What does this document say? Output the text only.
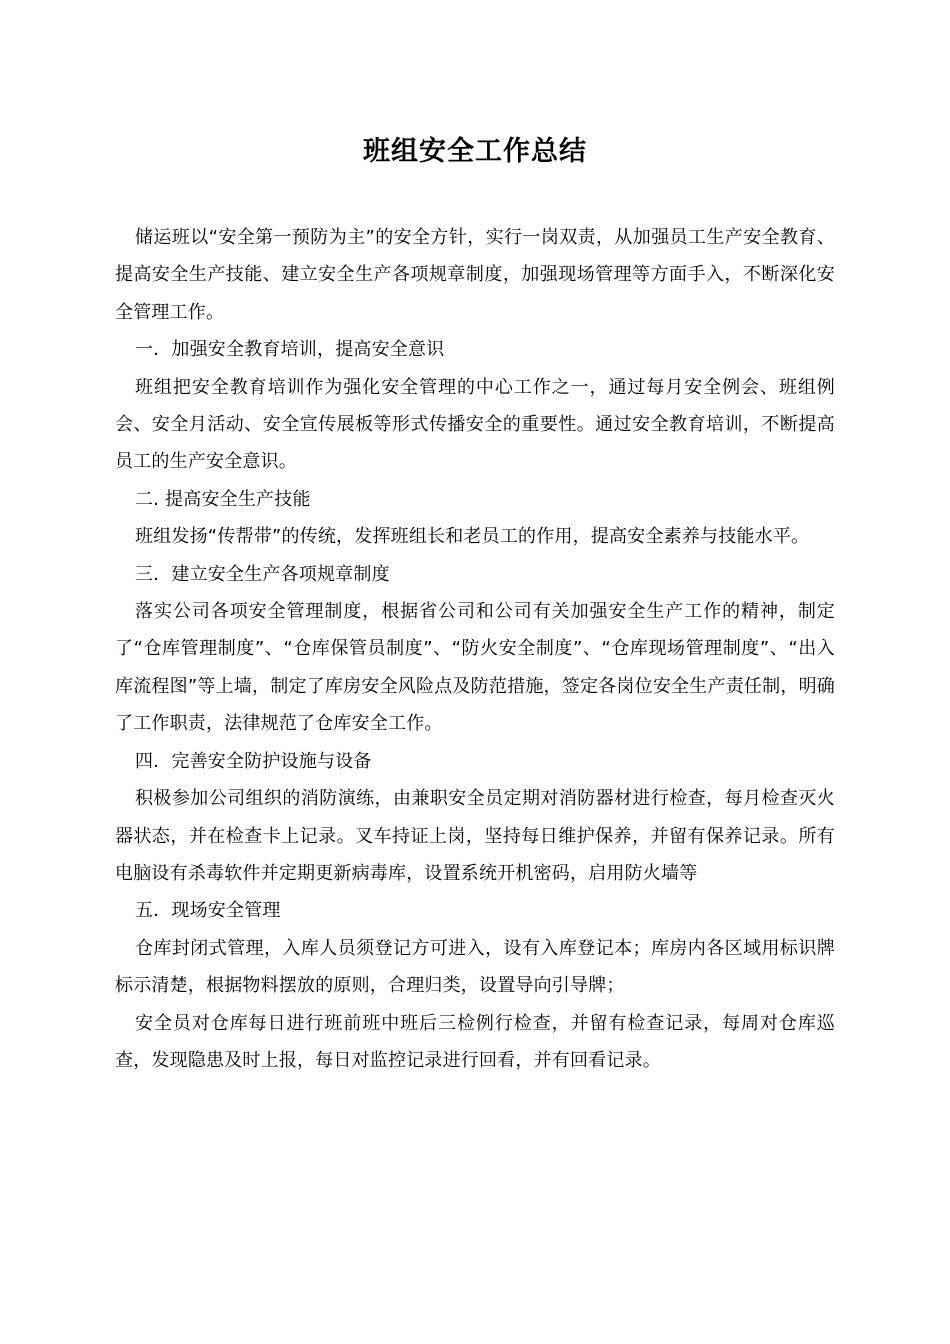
班组安全工作总结

储运班以“安全第一预防为主”的安全方针，实行一岗双责，从加强员工生产安全教育、提高安全生产技能、建立安全生产各项规章制度，加强现场管理等方面手入，不断深化安全管理工作。

一．加强安全教育培训，提高安全意识

班组把安全教育培训作为强化安全管理的中心工作之一，通过每月安全例会、班组例会、安全月活动、安全宣传展板等形式传播安全的重要性。通过安全教育培训，不断提高员工的生产安全意识。

二. 提高安全生产技能

班组发扬“传帮带”的传统，发挥班组长和老员工的作用，提高安全素养与技能水平。

三．建立安全生产各项规章制度

落实公司各项安全管理制度，根据省公司和公司有关加强安全生产工作的精神，制定了“仓库管理制度”、“仓库保管员制度”、“防火安全制度”、“仓库现场管理制度”、“出入库流程图”等上墙，制定了库房安全风险点及防范措施，签定各岗位安全生产责任制，明确了工作职责，法律规范了仓库安全工作。

四．完善安全防护设施与设备

积极参加公司组织的消防演练，由兼职安全员定期对消防器材进行检查，每月检查灭火器状态，并在检查卡上记录。叉车持证上岗，坚持每日维护保养，并留有保养记录。所有电脑设有杀毒软件并定期更新病毒库，设置系统开机密码，启用防火墙等

五．现场安全管理

仓库封闭式管理，入库人员须登记方可进入，设有入库登记本；库房内各区域用标识牌标示清楚，根据物料摆放的原则，合理归类，设置导向引导牌；

安全员对仓库每日进行班前班中班后三检例行检查，并留有检查记录，每周对仓库巡查，发现隐患及时上报，每日对监控记录进行回看，并有回看记录。
